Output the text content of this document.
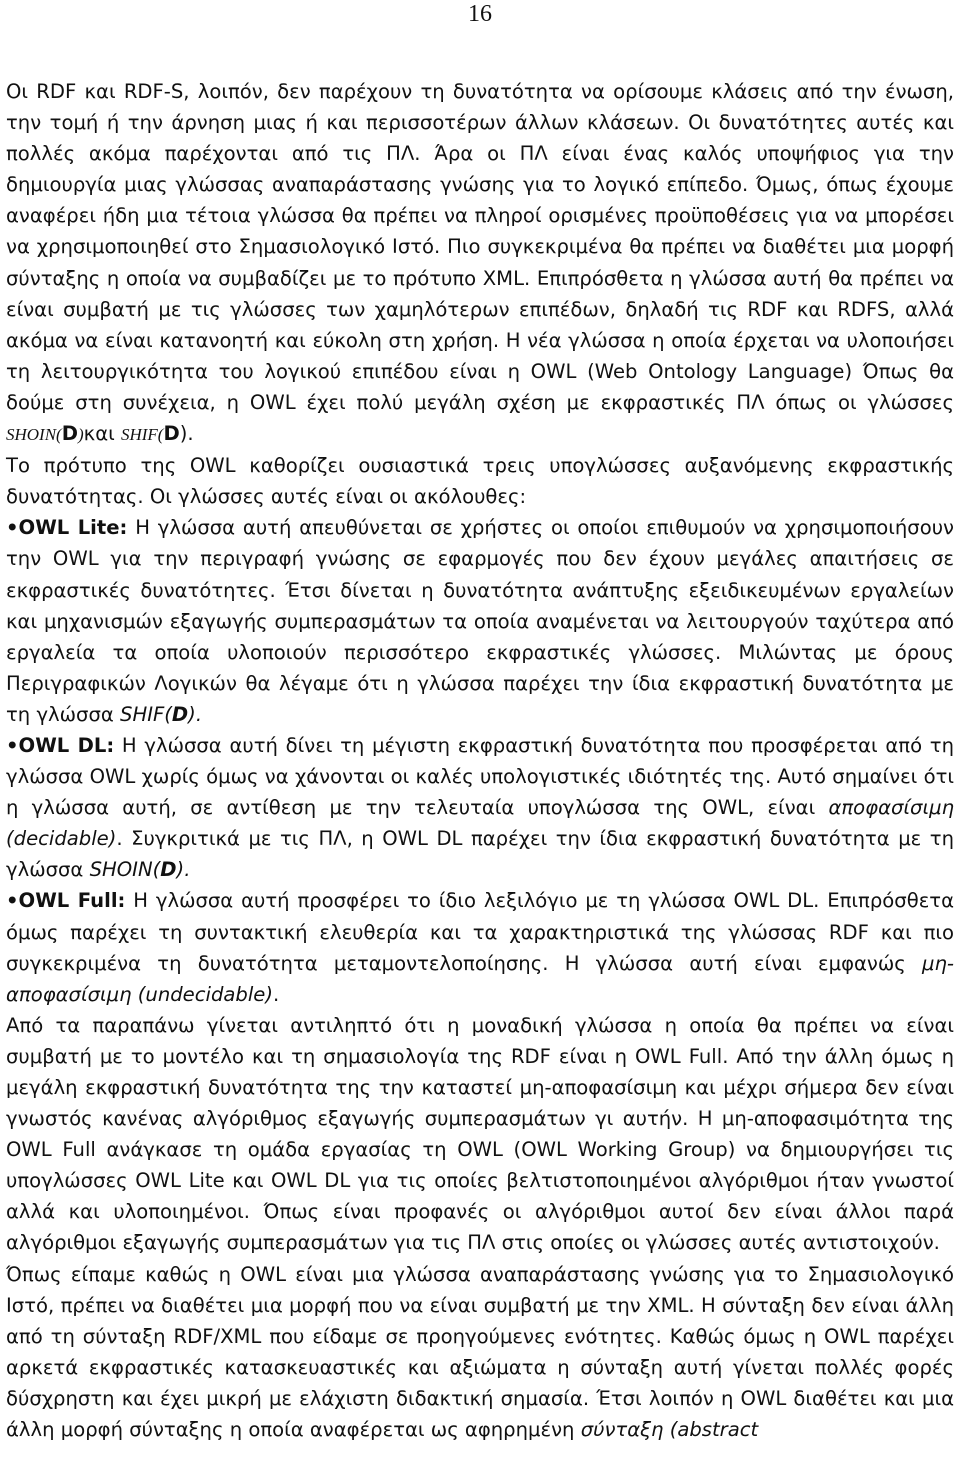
16

Οι RDF και RDF-S, λοιπόν, δεν παρέχουν τη δυνατότητα να ορίσουμε κλάσεις από την ένωση, την τομή ή την άρνηση μιας ή και περισσοτέρων άλλων κλάσεων. Οι δυνατότητες αυτές και πολλές ακόμα παρέχονται από τις ΠΛ. Άρα οι ΠΛ είναι ένας καλός υποψήφιος για την δημιουργία μιας γλώσσας αναπαράστασης γνώσης για το λογικό επίπεδο. Όμως, όπως έχουμε αναφέρει ήδη μια τέτοια γλώσσα θα πρέπει να πληροί ορισμένες προϋποθέσεις για να μπορέσει να χρησιμοποιηθεί στο Σημασιολογικό Ιστό. Πιο συγκεκριμένα θα πρέπει να διαθέτει μια μορφή σύνταξης η οποία να συμβαδίζει με το πρότυπο XML. Επιπρόσθετα η γλώσσα αυτή θα πρέπει να είναι συμβατή με τις γλώσσες των χαμηλότερων επιπέδων, δηλαδή τις RDF και RDFS, αλλά ακόμα να είναι κατανοητή και εύκολη στη χρήση. Η νέα γλώσσα η οποία έρχεται να υλοποιήσει τη λειτουργικότητα του λογικού επιπέδου είναι η OWL (Web Ontology Language) Όπως θα δούμε στη συνέχεια, η OWL έχει πολύ μεγάλη σχέση με εκφραστικές ΠΛ όπως οι γλώσσες SHOIN(D)και SHIF(D).

Το πρότυπο της OWL καθορίζει ουσιαστικά τρεις υπογλώσσες αυξανόμενης εκφραστικής δυνατότητας. Οι γλώσσες αυτές είναι οι ακόλουθες:

•OWL Lite: Η γλώσσα αυτή απευθύνεται σε χρήστες οι οποίοι επιθυμούν να χρησιμοποιήσουν την OWL για την περιγραφή γνώσης σε εφαρμογές που δεν έχουν μεγάλες απαιτήσεις σε εκφραστικές δυνατότητες. Έτσι δίνεται η δυνατότητα ανάπτυξης εξειδικευμένων εργαλείων και μηχανισμών εξαγωγής συμπερασμάτων τα οποία αναμένεται να λειτουργούν ταχύτερα από εργαλεία τα οποία υλοποιούν περισσότερο εκφραστικές γλώσσες. Μιλώντας με όρους Περιγραφικών Λογικών θα λέγαμε ότι η γλώσσα παρέχει την ίδια εκφραστική δυνατότητα με τη γλώσσα SHIF(D).

•OWL DL: Η γλώσσα αυτή δίνει τη μέγιστη εκφραστική δυνατότητα που προσφέρεται από τη γλώσσα OWL χωρίς όμως να χάνονται οι καλές υπολογιστικές ιδιότητές της. Αυτό σημαίνει ότι η γλώσσα αυτή, σε αντίθεση με την τελευταία υπογλώσσα της OWL, είναι αποφασίσιμη (decidable). Συγκριτικά με τις ΠΛ, η OWL DL παρέχει την ίδια εκφραστική δυνατότητα με τη γλώσσα SHOIN(D).

•OWL Full: Η γλώσσα αυτή προσφέρει το ίδιο λεξιλόγιο με τη γλώσσα OWL DL. Επιπρόσθετα όμως παρέχει τη συντακτική ελευθερία και τα χαρακτηριστικά της γλώσσας RDF και πιο συγκεκριμένα τη δυνατότητα μεταμοντελοποίησης. Η γλώσσα αυτή είναι εμφανώς μη-αποφασίσιμη (undecidable).

Από τα παραπάνω γίνεται αντιληπτό ότι η μοναδική γλώσσα η οποία θα πρέπει να είναι συμβατή με το μοντέλο και τη σημασιολογία της RDF είναι η OWL Full. Από την άλλη όμως η μεγάλη εκφραστική δυνατότητα της την καταστεί μη-αποφασίσιμη και μέχρι σήμερα δεν είναι γνωστός κανένας αλγόριθμος εξαγωγής συμπερασμάτων γι αυτήν. Η μη-αποφασιμότητα της OWL Full ανάγκασε τη ομάδα εργασίας τη OWL (OWL Working Group) να δημιουργήσει τις υπογλώσσες OWL Lite και OWL DL για τις οποίες βελτιστοποιημένοι αλγόριθμοι ήταν γνωστοί αλλά και υλοποιημένοι. Όπως είναι προφανές οι αλγόριθμοι αυτοί δεν είναι άλλοι παρά αλγόριθμοι εξαγωγής συμπερασμάτων για τις ΠΛ στις οποίες οι γλώσσες αυτές αντιστοιχούν.

Όπως είπαμε καθώς η OWL είναι μια γλώσσα αναπαράστασης γνώσης για το Σημασιολογικό Ιστό, πρέπει να διαθέτει μια μορφή που να είναι συμβατή με την XML. Η σύνταξη δεν είναι άλλη από τη σύνταξη RDF/XML που είδαμε σε προηγούμενες ενότητες. Καθώς όμως η OWL παρέχει αρκετά εκφραστικές κατασκευαστικές και αξιώματα η σύνταξη αυτή γίνεται πολλές φορές δύσχρηστη και έχει μικρή με ελάχιστη διδακτική σημασία. Έτσι λοιπόν η OWL διαθέτει και μια άλλη μορφή σύνταξης η οποία αναφέρεται ως αφηρημένη σύνταξη (abstract
